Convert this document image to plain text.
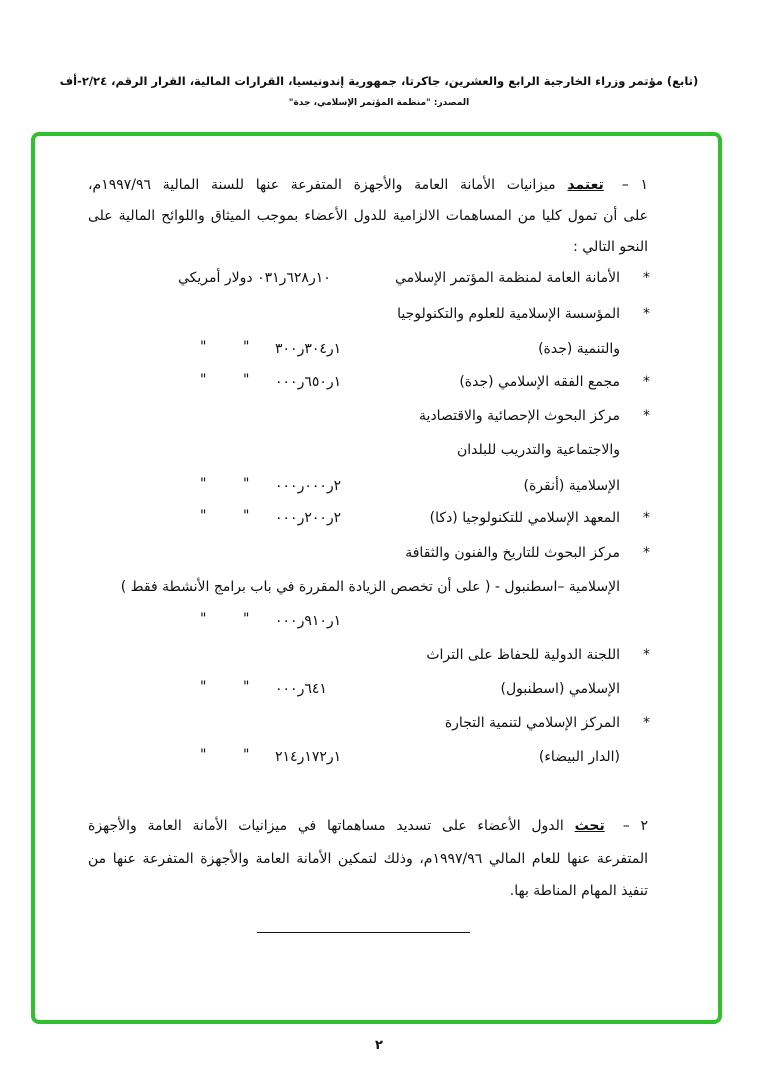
(تابع) مؤتمر وزراء الخارجية الرابع والعشرين، جاكرتا، جمهورية إندونيسيا، القرارات المالية، القرار الرقم، ٢/٢٤-أف
المصدر: "منظمة المؤتمر الإسلامي، جدة"
١ –تعتمد ميزانيات الأمانة العامة والأجهزة المتفرعة عنها للسنة المالية ١٩٩٧/٩٦م،
على أن تمول كليا من المساهمات الالزامية للدول الأعضاء بموجب الميثاق واللوائح المالية على
النحو التالي :
*
الأمانة العامة لمنظمة المؤتمر الإسلامي
١٠ر٦٢٨ر٠٣١ دولار أمريكي
*
المؤسسة الإسلامية للعلوم والتكنولوجيا
والتنمية (جدة)
١ر٣٠٤ر٣٠٠
"
"
*
مجمع الفقه الإسلامي (جدة)
١ر٦٥٠ر٠٠٠
"
"
*
مركز البحوث الإحصائية والاقتصادية
والاجتماعية والتدريب للبلدان
الإسلامية (أنقرة)
٢ر٠٠٠ر٠٠٠
"
"
*
المعهد الإسلامي للتكنولوجيا (دكا)
٢ر٢٠٠ر٠٠٠
"
"
*
مركز البحوث للتاريخ والفنون والثقافة
الإسلامية –اسطنبول - ( على أن تخصص الزيادة المقررة في باب برامج الأنشطة فقط )
١ر٩١٠ر٠٠٠
"
"
*
اللجنة الدولية للحفاظ على التراث
الإسلامي (اسطنبول)
٦٤١ر٠٠٠
"
"
*
المركز الإسلامي لتنمية التجارة
(الدار البيضاء)
١ر١٧٢ر٢١٤
"
"
٢ –تحث الدول الأعضاء على تسديد مساهماتها في ميزانيات الأمانة العامة والأجهزة
المتفرعة عنها للعام المالي ١٩٩٧/٩٦م، وذلك لتمكين الأمانة العامة والأجهزة المتفرعة عنها من
تنفيذ المهام المناطة بها.
٢
